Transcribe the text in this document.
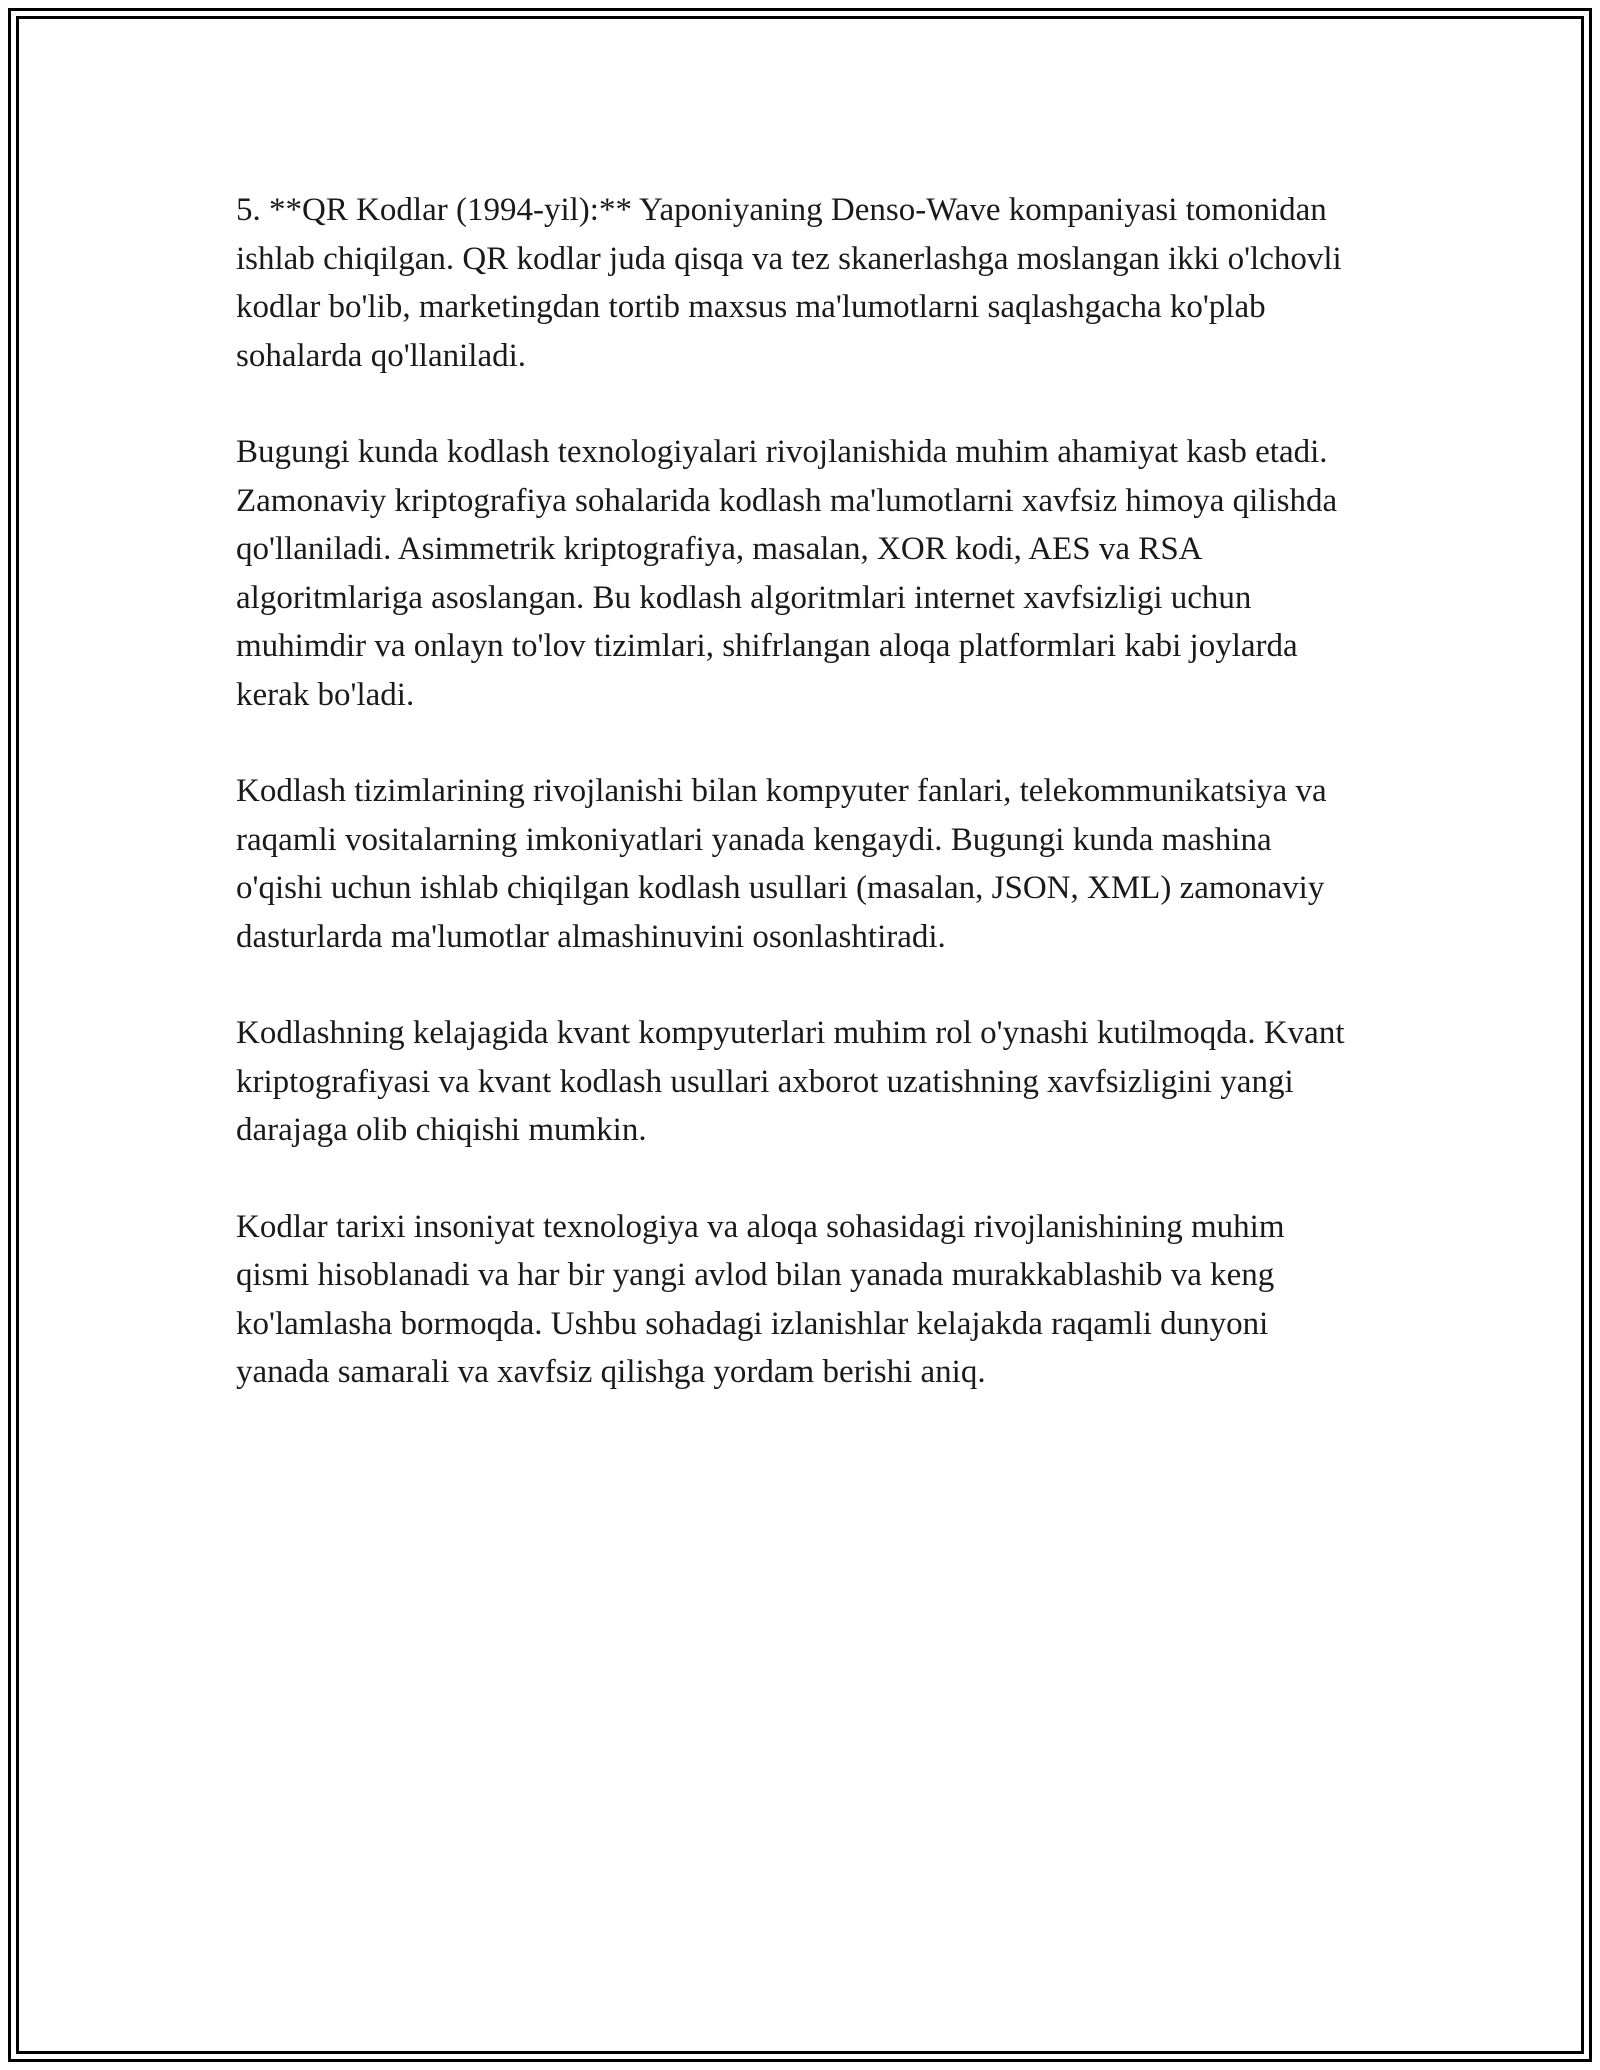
5. **QR Kodlar (1994-yil):** Yaponiyaning Denso-Wave kompaniyasi tomonidan ishlab chiqilgan. QR kodlar juda qisqa va tez skanerlashga moslangan ikki o'lchovli kodlar bo'lib, marketingdan tortib maxsus ma'lumotlarni saqlashgacha ko'plab sohalarda qo'llaniladi.

Bugungi kunda kodlash texnologiyalari rivojlanishida muhim ahamiyat kasb etadi. Zamonaviy kriptografiya sohalarida kodlash ma'lumotlarni xavfsiz himoya qilishda qo'llaniladi. Asimmetrik kriptografiya, masalan, XOR kodi, AES va RSA algoritmlariga asoslangan. Bu kodlash algoritmlari internet xavfsizligi uchun muhimdir va onlayn to'lov tizimlari, shifrlangan aloqa platformlari kabi joylarda kerak bo'ladi.

Kodlash tizimlarining rivojlanishi bilan kompyuter fanlari, telekommunikatsiya va raqamli vositalarning imkoniyatlari yanada kengaydi. Bugungi kunda mashina o'qishi uchun ishlab chiqilgan kodlash usullari (masalan, JSON, XML) zamonaviy dasturlarda ma'lumotlar almashinuvini osonlashtiradi.

Kodlashning kelajagida kvant kompyuterlari muhim rol o'ynashi kutilmoqda. Kvant kriptografiyasi va kvant kodlash usullari axborot uzatishning xavfsizligini yangi darajaga olib chiqishi mumkin.

Kodlar tarixi insoniyat texnologiya va aloqa sohasidagi rivojlanishining muhim qismi hisoblanadi va har bir yangi avlod bilan yanada murakkablashib va keng ko'lamlasha bormoqda. Ushbu sohadagi izlanishlar kelajakda raqamli dunyoni yanada samarali va xavfsiz qilishga yordam berishi aniq.
